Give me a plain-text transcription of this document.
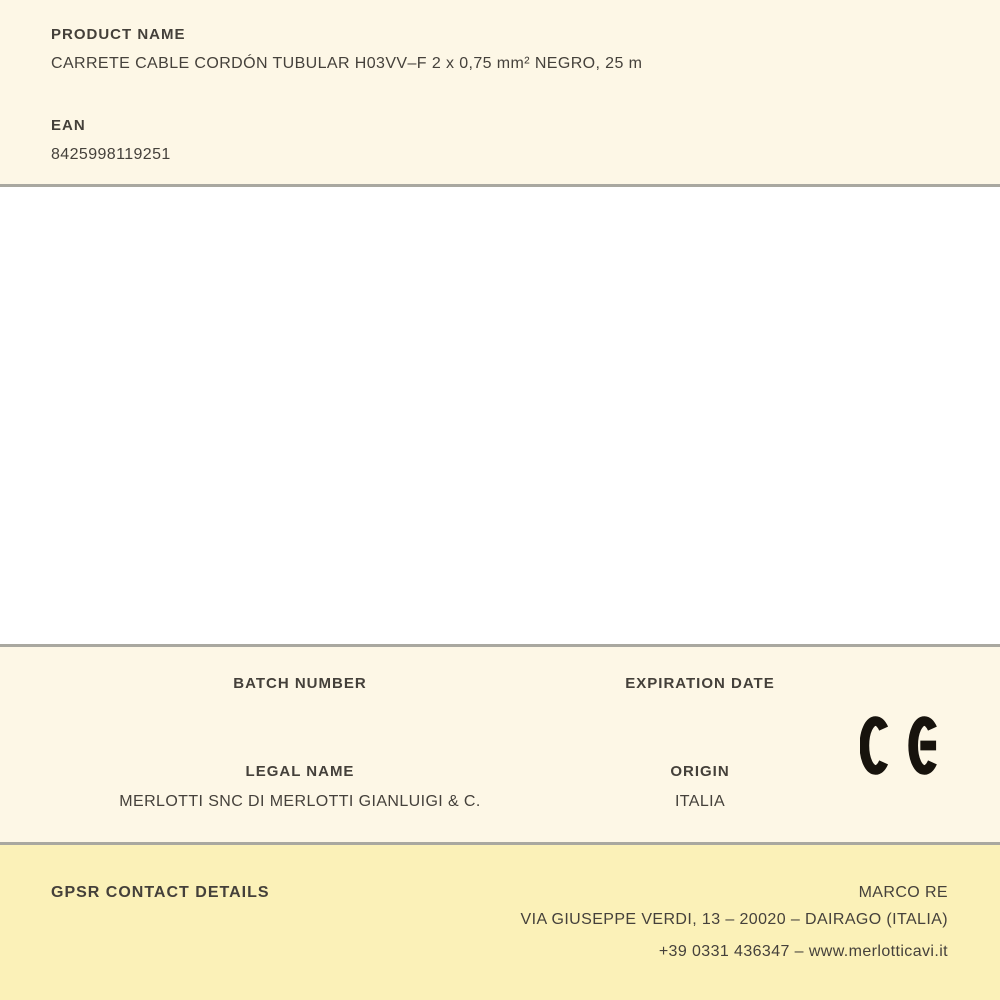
PRODUCT NAME
CARRETE CABLE CORDÓN TUBULAR H03VV–F 2 x 0,75 mm² NEGRO, 25 m
EAN
8425998119251
BATCH NUMBER	EXPIRATION DATE
LEGAL NAME	ORIGIN
MERLOTTI SNC DI MERLOTTI GIANLUIGI & C.	ITALIA
GPSR CONTACT DETAILS	MARCO RE
VIA GIUSEPPE VERDI, 13 – 20020 – DAIRAGO (ITALIA)
+39 0331 436347 – www.merlotticavi.it
